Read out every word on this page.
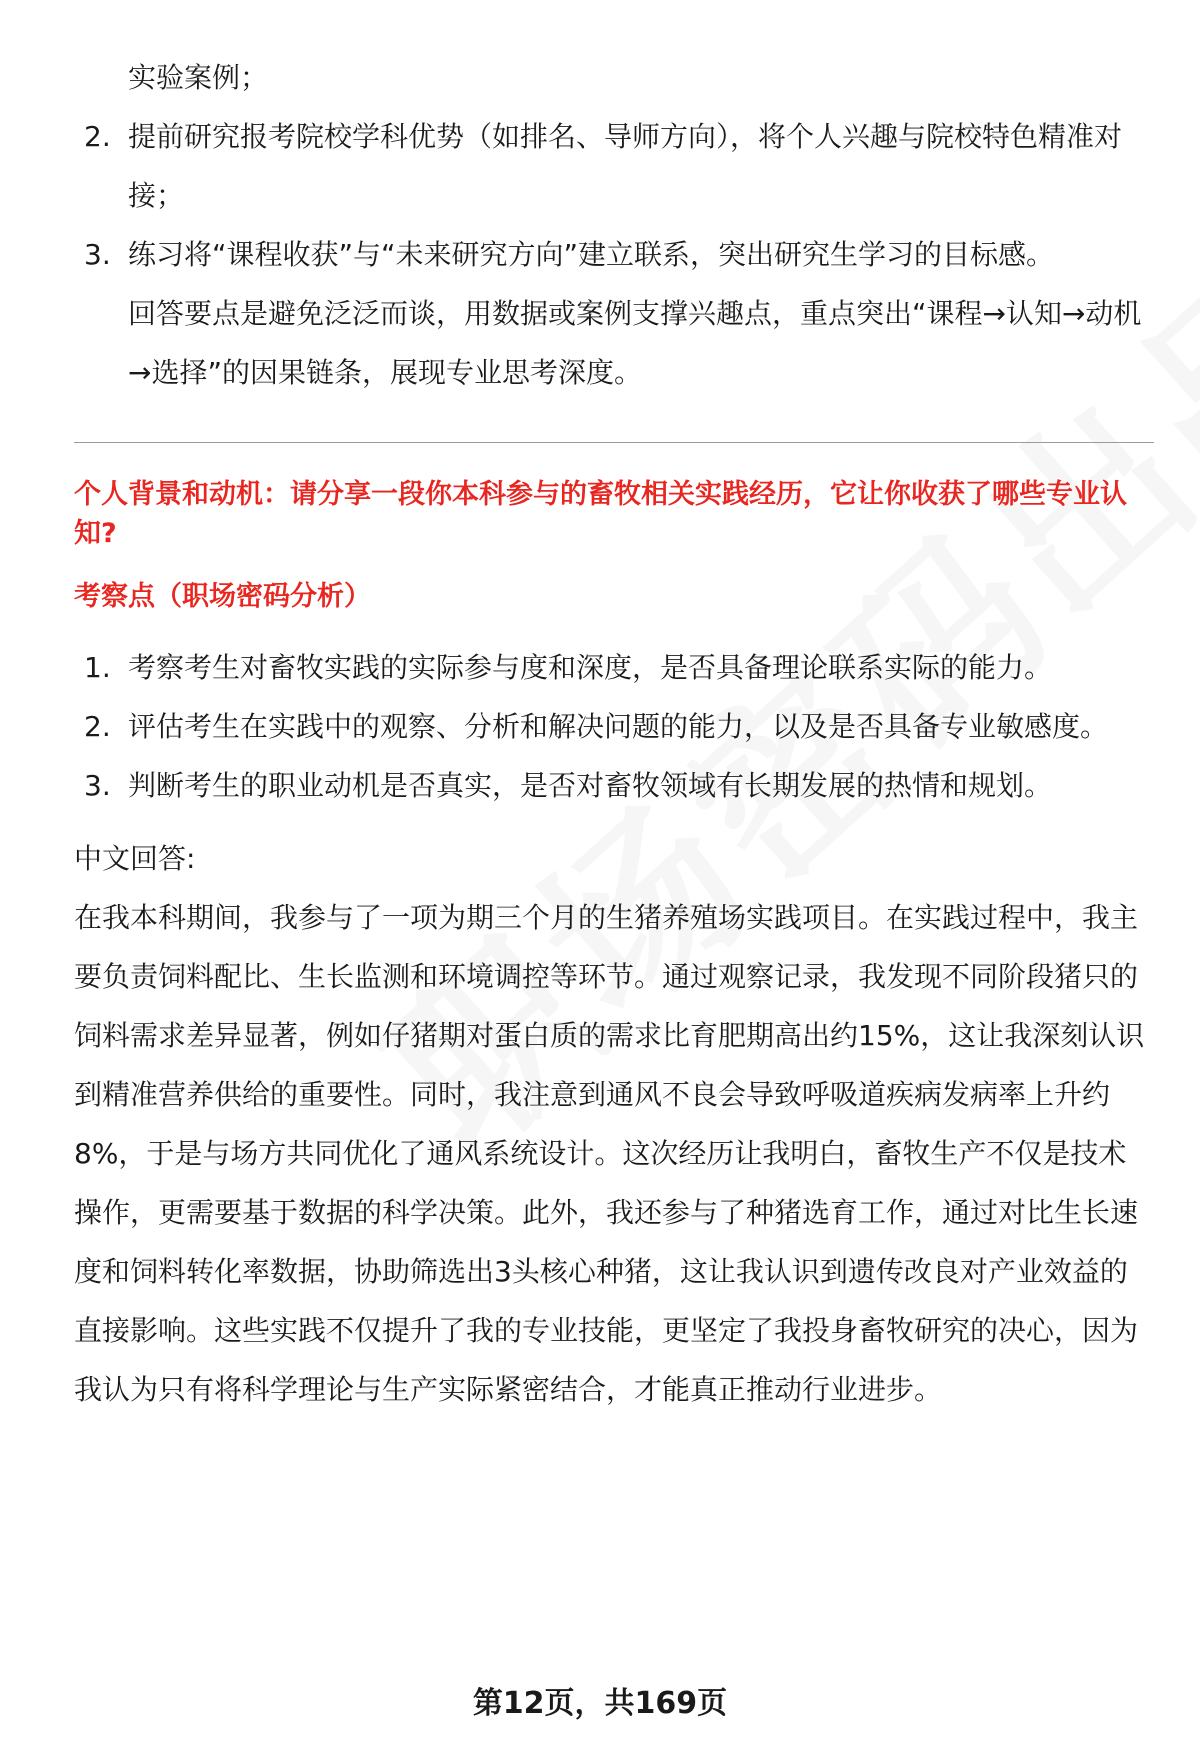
实验案例；
2. 提前研究报考院校学科优势（如排名、导师方向），将个人兴趣与院校特色精准对接；
3. 练习将“课程收获”与“未来研究方向”建立联系，突出研究生学习的目标感。
回答要点是避免泛泛而谈，用数据或案例支撑兴趣点，重点突出“课程→认知→动机→选择”的因果链条，展现专业思考深度。
个人背景和动机：请分享一段你本科参与的畜牧相关实践经历，它让你收获了哪些专业认知?
考察点（职场密码分析）
1. 考察考生对畜牧实践的实际参与度和深度，是否具备理论联系实际的能力。
2. 评估考生在实践中的观察、分析和解决问题的能力，以及是否具备专业敏感度。
3. 判断考生的职业动机是否真实，是否对畜牧领域有长期发展的热情和规划。
中文回答:
在我本科期间，我参与了一项为期三个月的生猪养殖场实践项目。在实践过程中，我主要负责饲料配比、生长监测和环境调控等环节。通过观察记录，我发现不同阶段猪只的饲料需求差异显著，例如仔猪期对蛋白质的需求比育肥期高出约15%，这让我深刻认识到精准营养供给的重要性。同时，我注意到通风不良会导致呼吸道疾病发病率上升约8%，于是与场方共同优化了通风系统设计。这次经历让我明白，畜牧生产不仅是技术操作，更需要基于数据的科学决策。此外，我还参与了种猪选育工作，通过对比生长速度和饲料转化率数据，协助筛选出3头核心种猪，这让我认识到遗传改良对产业效益的直接影响。这些实践不仅提升了我的专业技能，更坚定了我投身畜牧研究的决心，因为我认为只有将科学理论与生产实际紧密结合，才能真正推动行业进步。
第12页，共169页
